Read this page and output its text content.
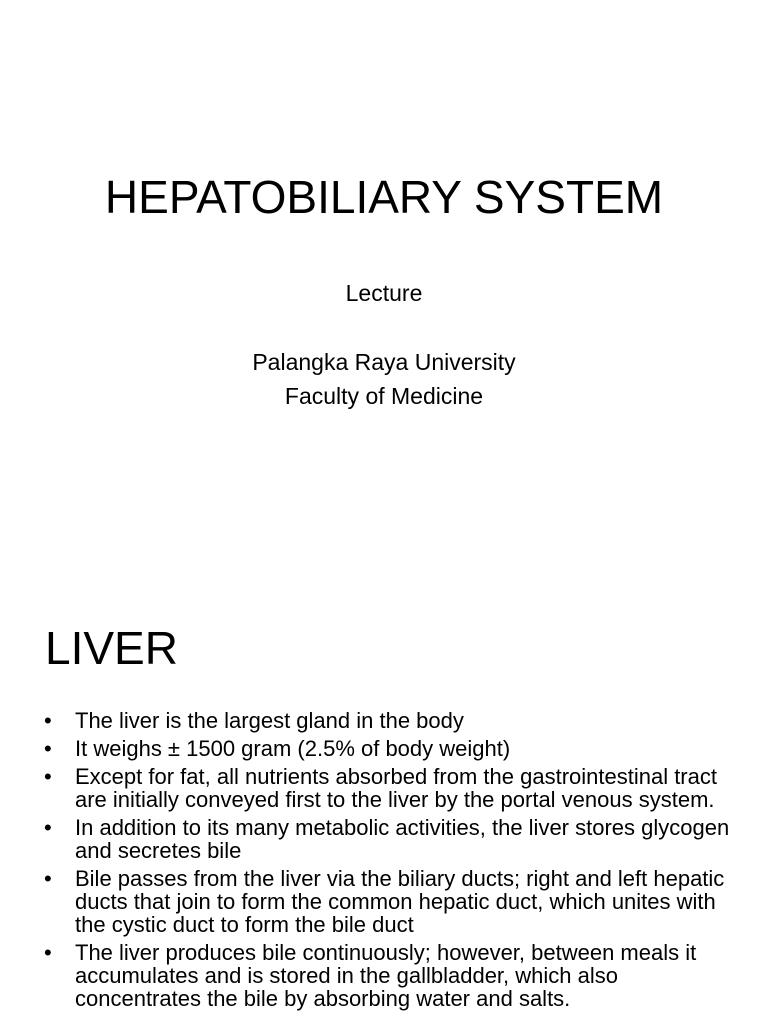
HEPATOBILIARY SYSTEM
Lecture
Palangka Raya University
Faculty of Medicine
LIVER
• The liver is the largest gland in the body
• It weighs ± 1500 gram (2.5% of body weight)
• Except for fat, all nutrients absorbed from the gastrointestinal tract are initially conveyed first to the liver by the portal venous system.
• In addition to its many metabolic activities, the liver stores glycogen and secretes bile
• Bile passes from the liver via the biliary ducts; right and left hepatic ducts that join to form the common hepatic duct, which unites with the cystic duct to form the bile duct
• The liver produces bile continuously; however, between meals it accumulates and is stored in the gallbladder, which also concentrates the bile by absorbing water and salts.
